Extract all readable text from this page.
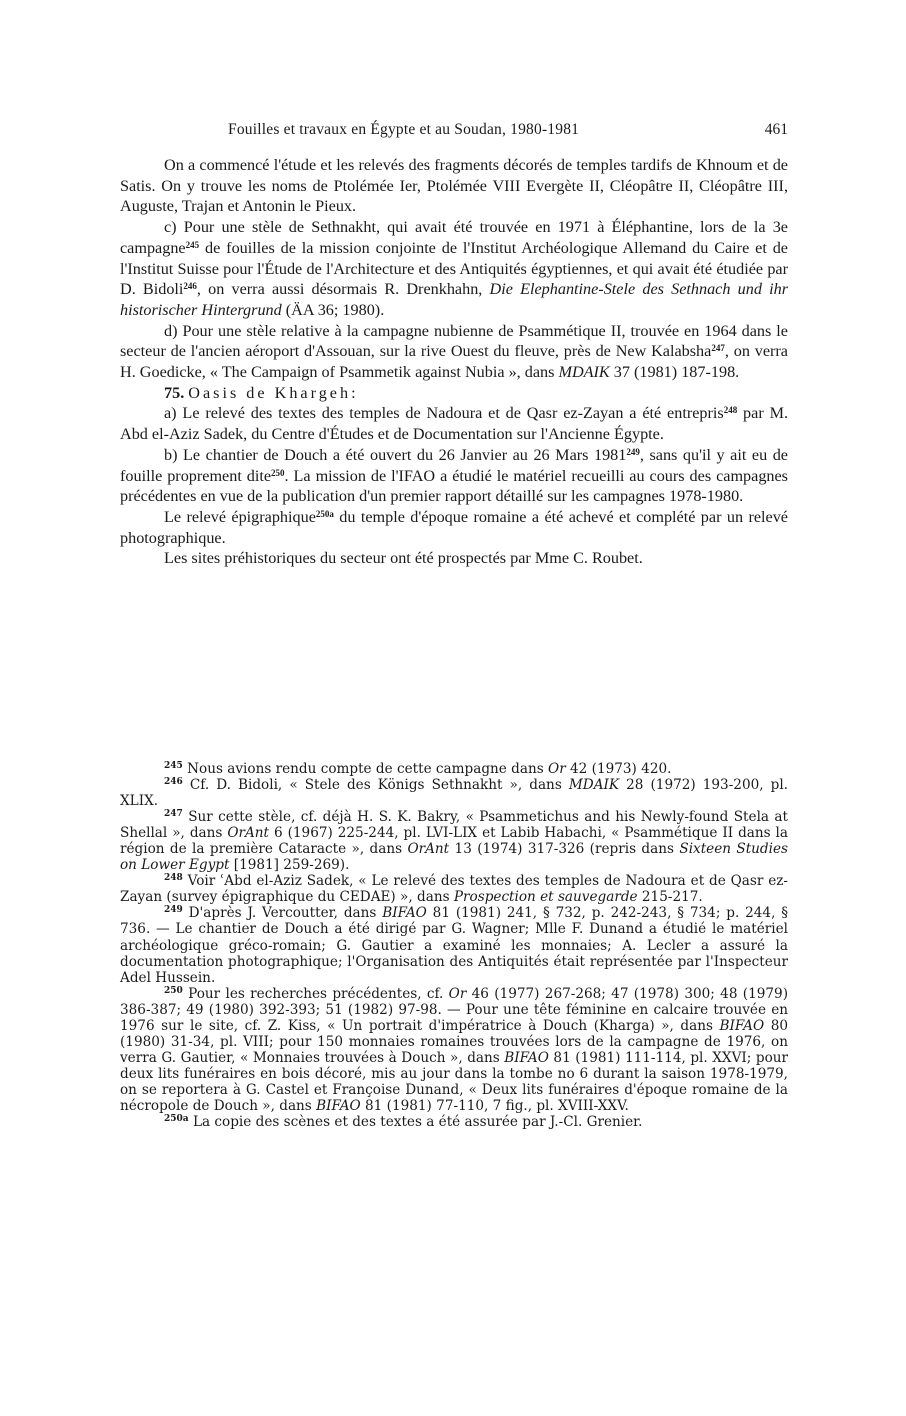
Fouilles et travaux en Égypte et au Soudan, 1980-1981	461

On a commencé l'étude et les relevés des fragments décorés de temples tardifs de Khnoum et de Satis. On y trouve les noms de Ptolémée Ier, Ptolémée VIII Evergète II, Cléopâtre II, Cléopâtre III, Auguste, Trajan et Antonin le Pieux.

c) Pour une stèle de Sethnakht, qui avait été trouvée en 1971 à Éléphantine, lors de la 3e campagne$^{245}$ de fouilles de la mission conjointe de l'Institut Archéologique Allemand du Caire et de l'Institut Suisse pour l'Étude de l'Architecture et des Antiquités égyptiennes, et qui avait été étudiée par D. Bidoli$^{246}$, on verra aussi désormais R. Drenkhahn, Die Elephantine-Stele des Sethnach und ihr historischer Hintergrund (ÄA 36; 1980).

d) Pour une stèle relative à la campagne nubienne de Psammétique II, trouvée en 1964 dans le secteur de l'ancien aéroport d'Assouan, sur la rive Ouest du fleuve, près de New Kalabsha$^{247}$, on verra H. Goedicke, « The Campaign of Psammetik against Nubia », dans MDAIK 37 (1981) 187-198.

75. Oasis de Khargeh:

a) Le relevé des textes des temples de Nadoura et de Qasr ez-Zayan a été entrepris$^{248}$ par M. Abd el-Aziz Sadek, du Centre d'Études et de Documentation sur l'Ancienne Égypte.

b) Le chantier de Douch a été ouvert du 26 Janvier au 26 Mars 1981$^{249}$, sans qu'il y ait eu de fouille proprement dite$^{250}$. La mission de l'IFAO a étudié le matériel recueilli au cours des campagnes précédentes en vue de la publication d'un premier rapport détaillé sur les campagnes 1978-1980.

Le relevé épigraphique$^{250a}$ du temple d'époque romaine a été achevé et complété par un relevé photographique.

Les sites préhistoriques du secteur ont été prospectés par Mme C. Roubet.

$^{245}$ Nous avions rendu compte de cette campagne dans Or 42 (1973) 420.

$^{246}$ Cf. D. Bidoli, « Stele des Königs Sethnakht », dans MDAIK 28 (1972) 193-200, pl. XLIX.

$^{247}$ Sur cette stèle, cf. déjà H. S. K. Bakry, « Psammetichus and his Newly-found Stela at Shellal », dans OrAnt 6 (1967) 225-244, pl. LVI-LIX et Labib Habachi, « Psammétique II dans la région de la première Cataracte », dans OrAnt 13 (1974) 317-326 (repris dans Sixteen Studies on Lower Egypt [1981] 259-269).

$^{248}$ Voir ʿAbd el-Aziz Sadek, « Le relevé des textes des temples de Nadoura et de Qasr ez-Zayan (survey épigraphique du CEDAE) », dans Prospection et sauvegarde 215-217.

$^{249}$ D'après J. Vercoutter, dans BIFAO 81 (1981) 241, § 732, p. 242-243, § 734; p. 244, § 736. — Le chantier de Douch a été dirigé par G. Wagner; Mlle F. Dunand a étudié le matériel archéologique gréco-romain; G. Gautier a examiné les monnaies; A. Lecler a assuré la documentation photographique; l'Organisation des Antiquités était représentée par l'Inspecteur Adel Hussein.

$^{250}$ Pour les recherches précédentes, cf. Or 46 (1977) 267-268; 47 (1978) 300; 48 (1979) 386-387; 49 (1980) 392-393; 51 (1982) 97-98. — Pour une tête féminine en calcaire trouvée en 1976 sur le site, cf. Z. Kiss, « Un portrait d'impératrice à Douch (Kharga) », dans BIFAO 80 (1980) 31-34, pl. VIII; pour 150 monnaies romaines trouvées lors de la campagne de 1976, on verra G. Gautier, « Monnaies trouvées à Douch », dans BIFAO 81 (1981) 111-114, pl. XXVI; pour deux lits funéraires en bois décoré, mis au jour dans la tombe no 6 durant la saison 1978-1979, on se reportera à G. Castel et Françoise Dunand, « Deux lits funéraires d'époque romaine de la nécropole de Douch », dans BIFAO 81 (1981) 77-110, 7 fig., pl. XVIII-XXV.

$^{250a}$ La copie des scènes et des textes a été assurée par J.-Cl. Grenier.
